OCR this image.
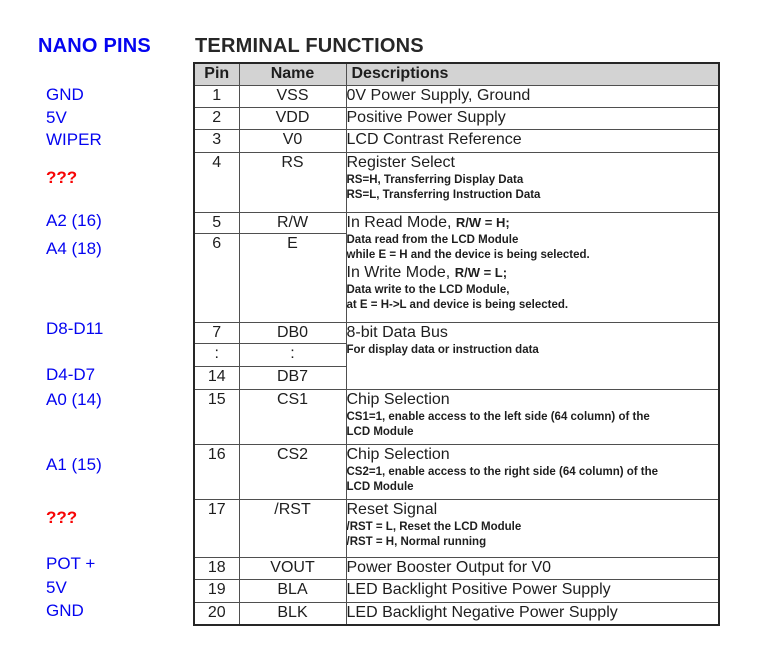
NANO PINS TERMINAL FUNCTIONS
GND
5V
WIPER
???
A2 (16)
A4 (18)
D8-D11
D4-D7
A0 (14)
A1 (15)
???
POT +
5V
GND
Pin	Name	Descriptions
1	VSS	0V Power Supply, Ground

2	VDD	Positive Power Supply

3	V0	LCD Contrast Reference

4	RS	Register Select
RS=H, Transferring Display Data
RS=L, Transferring Instruction Data

5	R/W	In Read Mode, R/W = H;
Data read from the LCD Module
while E = H and the device is being selected.
In Write Mode, R/W = L;
Data write to the LCD Module,
at E = H->L and device is being selected.

6	E	
7	DB0	8-bit Data Bus
For display data or instruction data

:	:	
14	DB7	
15	CS1	Chip Selection
CS1=1, enable access to the left side (64 column) of the
LCD Module

16	CS2	Chip Selection
CS2=1, enable access to the right side (64 column) of the
LCD Module

17	/RST	Reset Signal
/RST = L, Reset the LCD Module
/RST = H, Normal running

18	VOUT	Power Booster Output for V0

19	BLA	LED Backlight Positive Power Supply

20	BLK	LED Backlight Negative Power Supply
